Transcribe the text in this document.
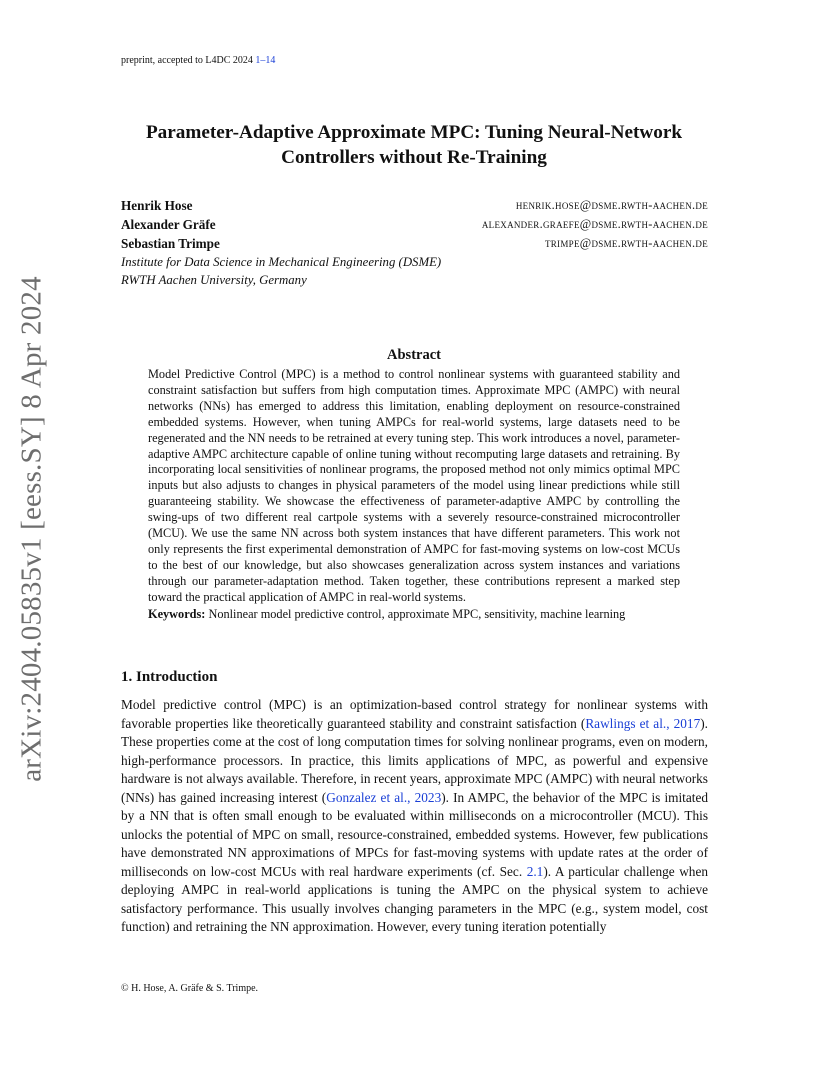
preprint, accepted to L4DC 2024 1–14
arXiv:2404.05835v1 [eess.SY] 8 Apr 2024
Parameter-Adaptive Approximate MPC: Tuning Neural-Network
Controllers without Re-Training
Henrik Hose	henrik.hose@dsme.rwth-aachen.de
Alexander Gräfe	alexander.graefe@dsme.rwth-aachen.de
Sebastian Trimpe	trimpe@dsme.rwth-aachen.de
Institute for Data Science in Mechanical Engineering (DSME)
RWTH Aachen University, Germany
Abstract

Model Predictive Control (MPC) is a method to control nonlinear systems with guaranteed stability and constraint satisfaction but suffers from high computation times. Approximate MPC (AMPC) with neural networks (NNs) has emerged to address this limitation, enabling deployment on resource-constrained embedded systems. However, when tuning AMPCs for real-world systems, large datasets need to be regenerated and the NN needs to be retrained at every tuning step. This work introduces a novel, parameter-adaptive AMPC architecture capable of online tuning without recomputing large datasets and retraining. By incorporating local sensitivities of nonlinear programs, the proposed method not only mimics optimal MPC inputs but also adjusts to changes in physical parameters of the model using linear predictions while still guaranteeing stability. We showcase the effectiveness of parameter-adaptive AMPC by controlling the swing-ups of two different real cartpole systems with a severely resource-constrained microcontroller (MCU). We use the same NN across both system instances that have different parameters. This work not only represents the first experimental demonstration of AMPC for fast-moving systems on low-cost MCUs to the best of our knowledge, but also showcases generalization across system instances and variations through our parameter-adaptation method. Taken together, these contributions represent a marked step toward the practical application of AMPC in real-world systems.

Keywords: Nonlinear model predictive control, approximate MPC, sensitivity, machine learning

1. Introduction

Model predictive control (MPC) is an optimization-based control strategy for nonlinear systems with favorable properties like theoretically guaranteed stability and constraint satisfaction (Rawlings et al., 2017). These properties come at the cost of long computation times for solving nonlinear programs, even on modern, high-performance processors. In practice, this limits applications of MPC, as powerful and expensive hardware is not always available. Therefore, in recent years, approximate MPC (AMPC) with neural networks (NNs) has gained increasing interest (Gonzalez et al., 2023). In AMPC, the behavior of the MPC is imitated by a NN that is often small enough to be evaluated within milliseconds on a microcontroller (MCU). This unlocks the potential of MPC on small, resource-constrained, embedded systems. However, few publications have demonstrated NN approximations of MPCs for fast-moving systems with update rates at the order of milliseconds on low-cost MCUs with real hardware experiments (cf. Sec. 2.1). A particular challenge when deploying AMPC in real-world applications is tuning the AMPC on the physical system to achieve satisfactory performance. This usually involves changing parameters in the MPC (e.g., system model, cost function) and retraining the NN approximation. However, every tuning iteration potentially

© H. Hose, A. Gräfe & S. Trimpe.
